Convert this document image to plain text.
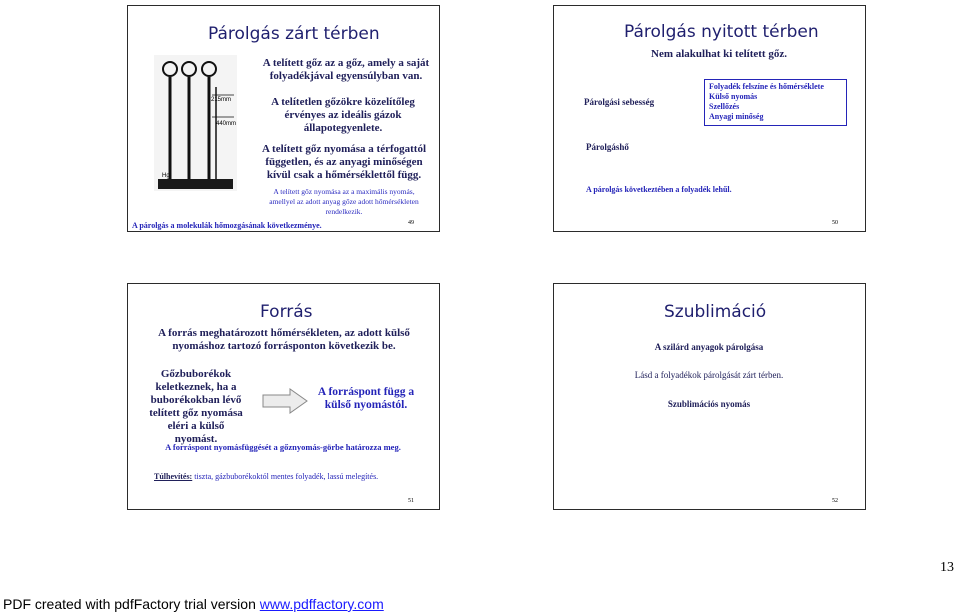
Párolgás zárt térben
215mm
440mm
Hg
A telített gőz az a gőz, amely a saját folyadékjával egyensúlyban van.
A telítetlen gőzökre közelítőleg érvényes az ideális gázok állapotegyenlete.
A telített gőz nyomása a térfogattól független, és az anyagi minőségen kívül csak a hőmérséklettől függ.
A telített gőz nyomása az a maximális nyomás, amellyel az adott anyag gőze adott hőmérsékleten rendelkezik.
A párolgás a molekulák hőmozgásának következménye.	49
Párolgás nyitott térben
Nem alakulhat ki telített gőz.
Párolgási sebesség
Folyadék felszíne és hőmérséklete
Külső nyomás
Szellőzés
Anyagi minőség
Párolgáshő
A párolgás következtében a folyadék lehűl.
50
Forrás
A forrás meghatározott hőmérsékleten, az adott külső nyomáshoz tartozó forrásponton következik be.
Gőzbuborékok keletkeznek, ha a buborékokban lévő telített gőz nyomása eléri a külső nyomást.
A forráspont függ a külső nyomástól.
A forráspont nyomásfüggését a gőznyomás-görbe határozza meg.
Túlhevítés: tiszta, gázbuborékoktól mentes folyadék, lassú melegítés.
51
Szublimáció
A szilárd anyagok párolgása
Lásd a folyadékok párolgását zárt térben.
Szublimációs nyomás
52
13
PDF created with pdfFactory trial version www.pdffactory.com
